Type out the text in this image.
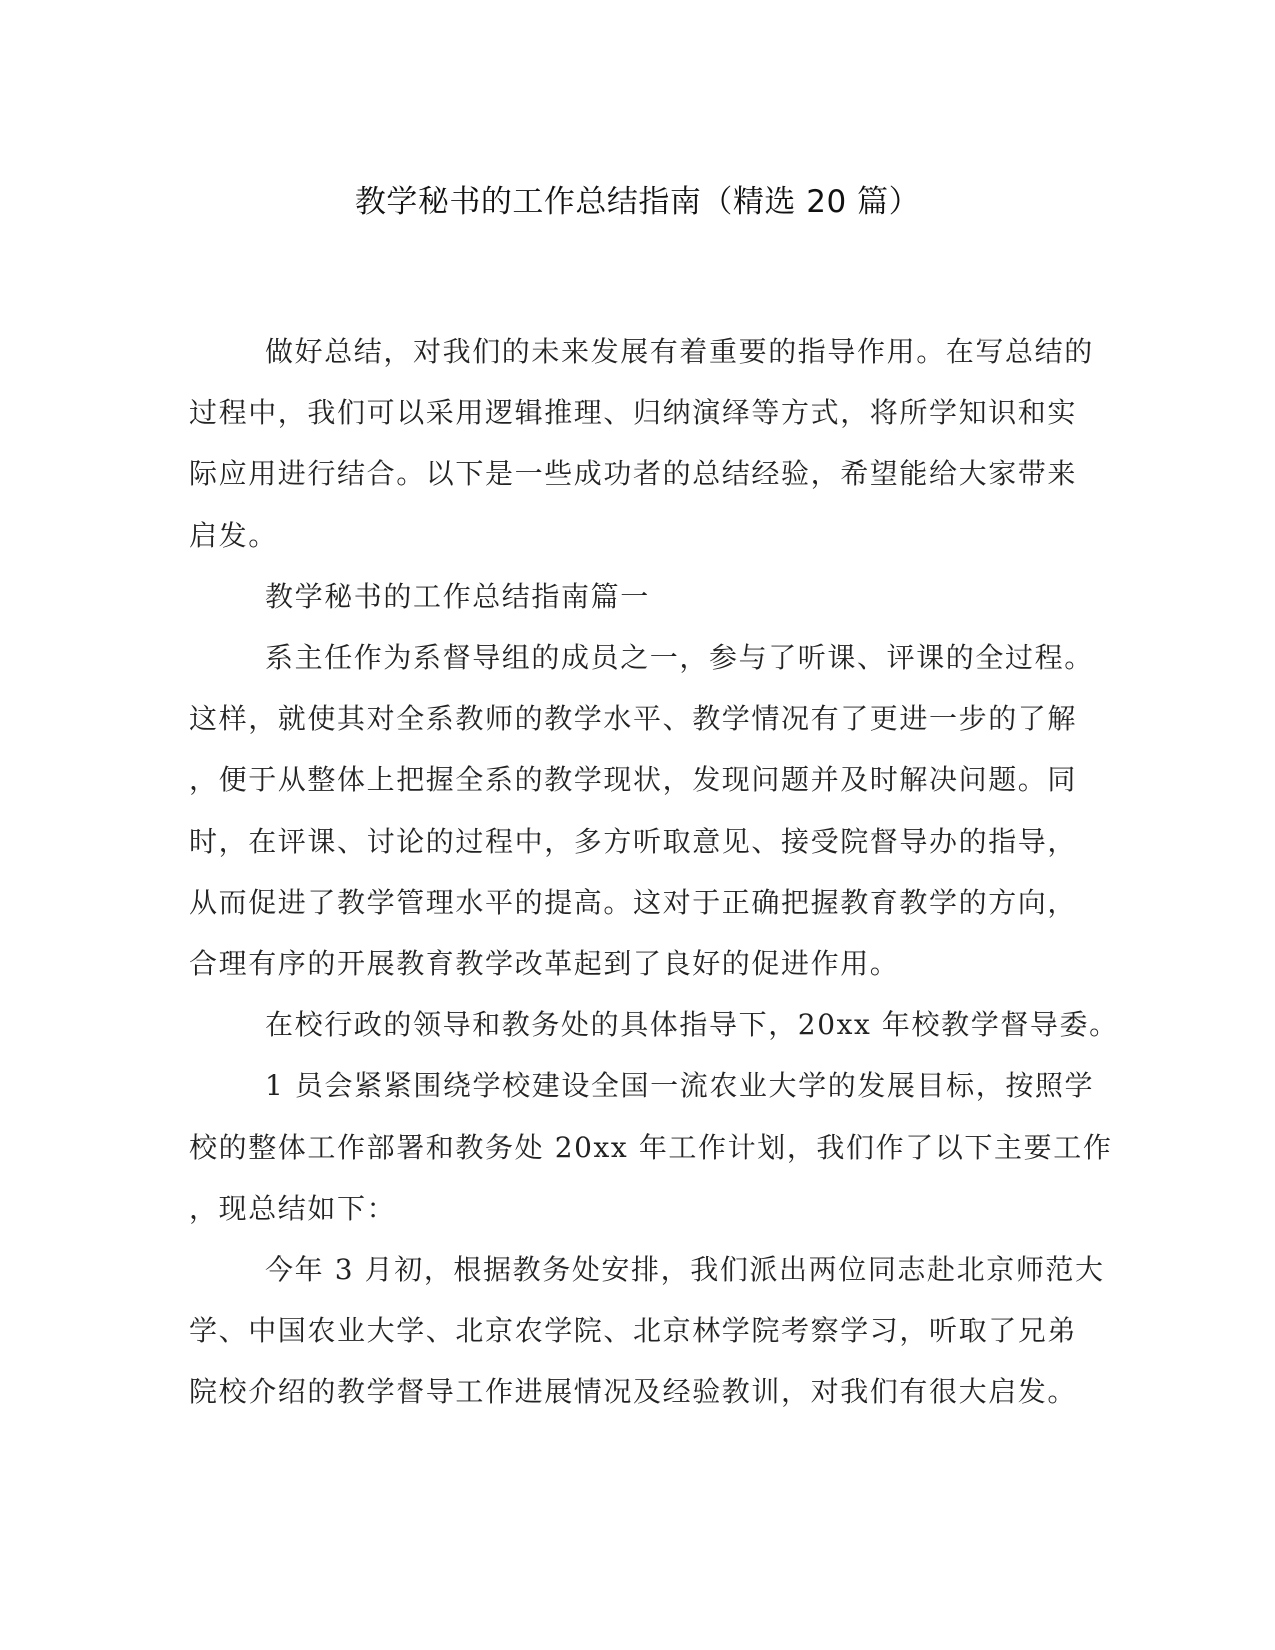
教学秘书的工作总结指南（精选 20 篇）

做好总结，对我们的未来发展有着重要的指导作用。在写总结的
过程中，我们可以采用逻辑推理、归纳演绎等方式，将所学知识和实
际应用进行结合。以下是一些成功者的总结经验，希望能给大家带来
启发。

教学秘书的工作总结指南篇一

系主任作为系督导组的成员之一，参与了听课、评课的全过程。
这样，就使其对全系教师的教学水平、教学情况有了更进一步的了解
，便于从整体上把握全系的教学现状，发现问题并及时解决问题。同
时，在评课、讨论的过程中，多方听取意见、接受院督导办的指导，
从而促进了教学管理水平的提高。这对于正确把握教育教学的方向，
合理有序的开展教育教学改革起到了良好的促进作用。

在校行政的领导和教务处的具体指导下，20xx 年校教学督导委。

1 员会紧紧围绕学校建设全国一流农业大学的发展目标，按照学
校的整体工作部署和教务处 20xx 年工作计划，我们作了以下主要工作
，现总结如下：

今年 3 月初，根据教务处安排，我们派出两位同志赴北京师范大
学、中国农业大学、北京农学院、北京林学院考察学习，听取了兄弟
院校介绍的教学督导工作进展情况及经验教训，对我们有很大启发。
